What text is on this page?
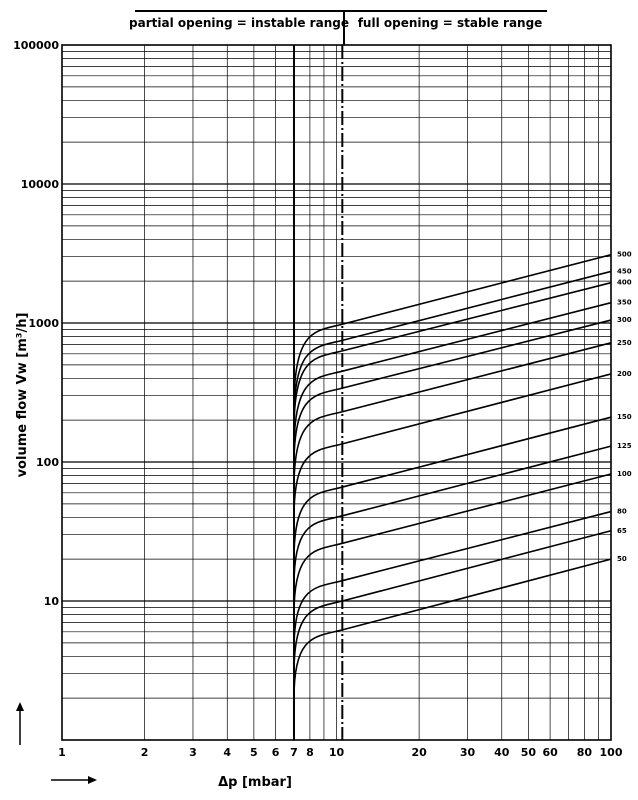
partial opening = instable range full opening = stable range
1	2	3 4 5 6 7 8 10	20	30 40 50 60 80 100
10
100
1000
10000
100000
500
450
400
350
300
250
200
150
125
100
80
65
50
Δp [mbar]
volume flow Vw [m³/h]
